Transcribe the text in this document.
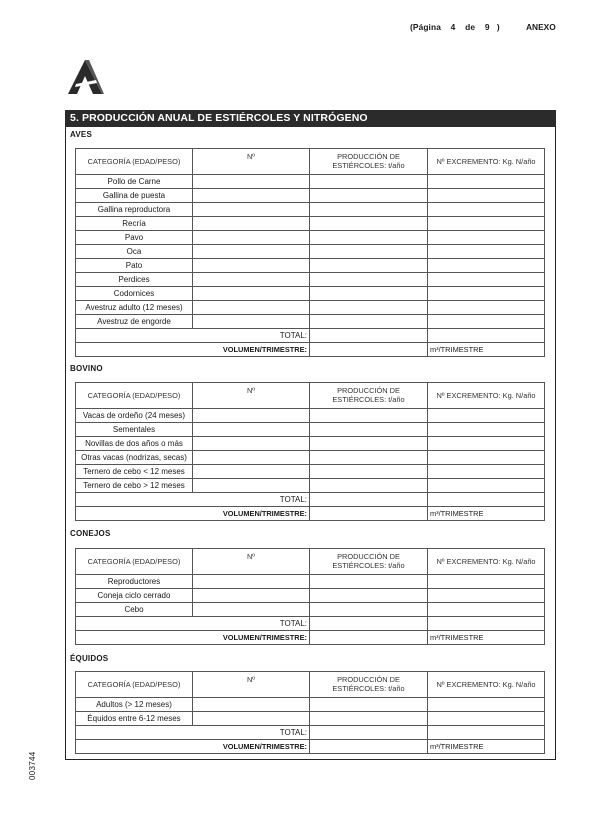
(Página 4 de 9 )	ANEXO
5. PRODUCCIÓN ANUAL DE ESTIÉRCOLES Y NITRÓGENO
AVES
CATEGORÍA (EDAD/PESO)	Nº	PRODUCCIÓN DE ESTIÉRCOLES: t/año	Nº EXCREMENTO: Kg. N/año
Pollo de Carne			
Gallina de puesta			
Gallina reproductora			
Recría			
Pavo			
Oca			
Pato			
Perdices			
Codornices			
Avestruz adulto (12 meses)			
Avestruz de engorde			
TOTAL:			
VOLUMEN/TRIMESTRE:			m³/TRIMESTRE
BOVINO
CATEGORÍA (EDAD/PESO)	Nº	PRODUCCIÓN DE ESTIÉRCOLES: t/año	Nº EXCREMENTO: Kg. N/año
Vacas de ordeño (24 meses)			
Sementales			
Novillas de dos años o más			
Otras vacas (nodrizas, secas)			
Ternero de cebo < 12 meses			
Ternero de cebo > 12 meses			
TOTAL:			
VOLUMEN/TRIMESTRE:			m³/TRIMESTRE
CONEJOS
CATEGORÍA (EDAD/PESO)	Nº	PRODUCCIÓN DE ESTIÉRCOLES: t/año	Nº EXCREMENTO: Kg. N/año
Reproductores			
Coneja ciclo cerrado			
Cebo			
TOTAL:			
VOLUMEN/TRIMESTRE:			m³/TRIMESTRE
ÉQUIDOS
CATEGORÍA (EDAD/PESO)	Nº	PRODUCCIÓN DE ESTIÉRCOLES: t/año	Nº EXCREMENTO: Kg. N/año
Adultos (> 12 meses)			
Équidos entre 6-12 meses			
TOTAL:			
VOLUMEN/TRIMESTRE:			m³/TRIMESTRE
003744
